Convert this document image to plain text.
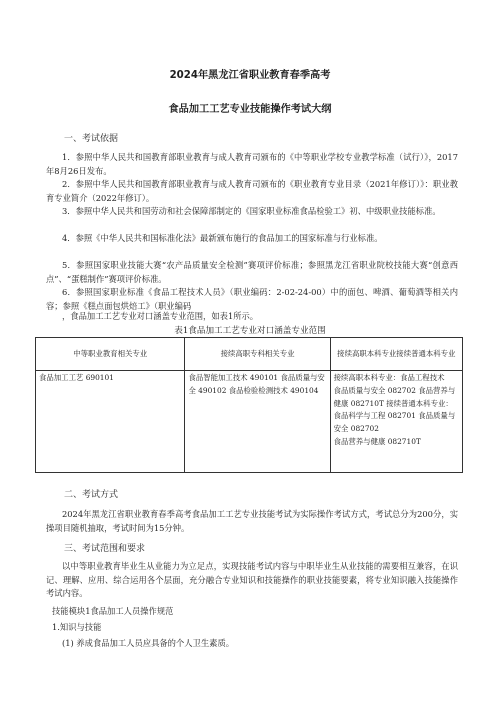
2024年黑龙江省职业教育春季高考
食品加工工艺专业技能操作考试大纲
一、考试依据
1．参照中华人民共和国教育部职业教育与成人教育司颁布的《中等职业学校专业教学标准（试行）》，2017年8月26日发布。
2．参照中华人民共和国教育部职业教育与成人教育司颁布的《职业教育专业目录（2021年修订）》：职业教育专业简介（2022年修订）。
3．参照中华人民共和国劳动和社会保障部制定的《国家职业标准食品检验工》初、中级职业技能标准。
4．参照《中华人民共和国标准化法》最新颁布施行的食品加工的国家标准与行业标准。
5．参照国家职业技能大赛“农产品质量安全检测”赛项评价标准；参照黑龙江省职业院校技能大赛“创意西点”、“蛋糕制作”赛项评价标准。
6．参照国家职业标准《食品工程技术人员》（职业编码：2-02-24-00）中的面包、啤酒、葡萄酒等相关内容；参照《糕点面包烘焙工》（职业编码
，食品加工工艺专业对口涵盖专业范围，如表1所示。
表1食品加工工艺专业对口涵盖专业范围
中等职业教育相关专业	接续高职专科相关专业	接续高职本科专业接续普通本科专业
食品加工工艺 690101	食品智能加工技术 490101 食品质量与安全 490102 食品检验检测技术 490104	接续高职本科专业：食品工程技术
食品质量与安全 082702 食品营养与健康 082710T 接续普通本科专业：
食品科学与工程 082701 食品质量与安全 082702
食品营养与健康 082710T
二、考试方式
2024年黑龙江省职业教育春季高考食品加工工艺专业技能考试为实际操作考试方式，考试总分为200分，实操项目随机抽取，考试时间为15分钟。
三、考试范围和要求
以中等职业教育毕业生从业能力为立足点，实现技能考试内容与中职毕业生从业技能的需要相互兼容，在识记、理解、应用、综合运用各个层面，充分融合专业知识和技能操作的职业技能要素，将专业知识融入技能操作考试内容。
技能模块1食品加工人员操作规范
1.知识与技能
(1) 养成食品加工人员应具备的个人卫生素质。
